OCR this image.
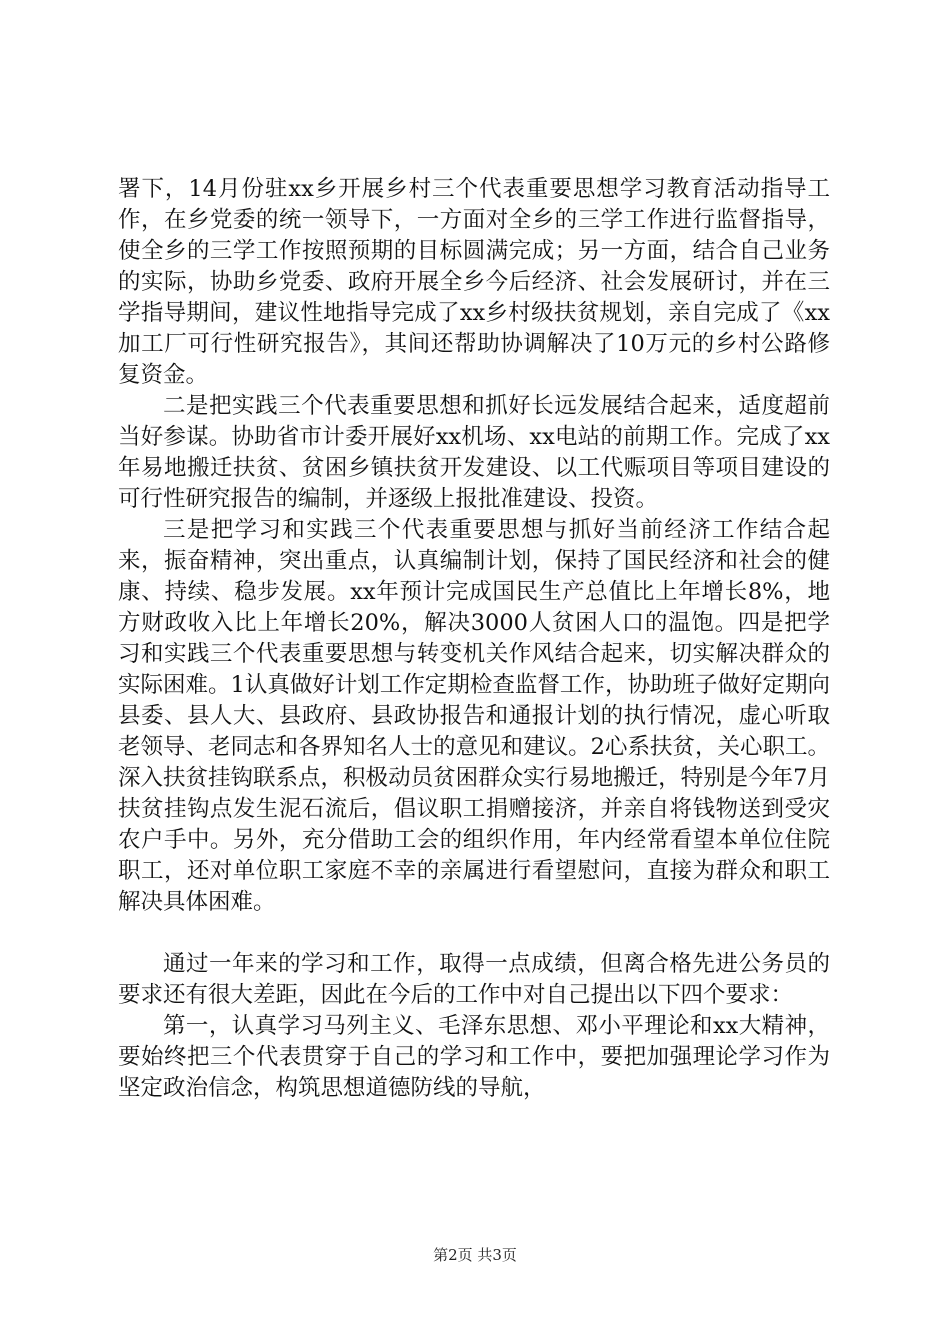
署下，14月份驻xx乡开展乡村三个代表重要思想学习教育活动指导工作，在乡党委的统一领导下，一方面对全乡的三学工作进行监督指导，使全乡的三学工作按照预期的目标圆满完成；另一方面，结合自己业务的实际，协助乡党委、政府开展全乡今后经济、社会发展研讨，并在三学指导期间，建议性地指导完成了xx乡村级扶贫规划，亲自完成了《xx加工厂可行性研究报告》，其间还帮助协调解决了10万元的乡村公路修复资金。

二是把实践三个代表重要思想和抓好长远发展结合起来，适度超前当好参谋。协助省市计委开展好xx机场、xx电站的前期工作。完成了xx年易地搬迁扶贫、贫困乡镇扶贫开发建设、以工代赈项目等项目建设的可行性研究报告的编制，并逐级上报批准建设、投资。

三是把学习和实践三个代表重要思想与抓好当前经济工作结合起来，振奋精神，突出重点，认真编制计划，保持了国民经济和社会的健康、持续、稳步发展。xx年预计完成国民生产总值比上年增长8%，地方财政收入比上年增长20%，解决3000人贫困人口的温饱。四是把学习和实践三个代表重要思想与转变机关作风结合起来，切实解决群众的实际困难。1认真做好计划工作定期检查监督工作，协助班子做好定期向县委、县人大、县政府、县政协报告和通报计划的执行情况，虚心听取老领导、老同志和各界知名人士的意见和建议。2心系扶贫，关心职工。深入扶贫挂钩联系点，积极动员贫困群众实行易地搬迁，特别是今年7月扶贫挂钩点发生泥石流后，倡议职工捐赠接济，并亲自将钱物送到受灾农户手中。另外，充分借助工会的组织作用，年内经常看望本单位住院职工，还对单位职工家庭不幸的亲属进行看望慰问，直接为群众和职工解决具体困难。

通过一年来的学习和工作，取得一点成绩，但离合格先进公务员的要求还有很大差距，因此在今后的工作中对自己提出以下四个要求：

第一，认真学习马列主义、毛泽东思想、邓小平理论和xx大精神，要始终把三个代表贯穿于自己的学习和工作中，要把加强理论学习作为坚定政治信念，构筑思想道德防线的导航，

第2页 共3页
